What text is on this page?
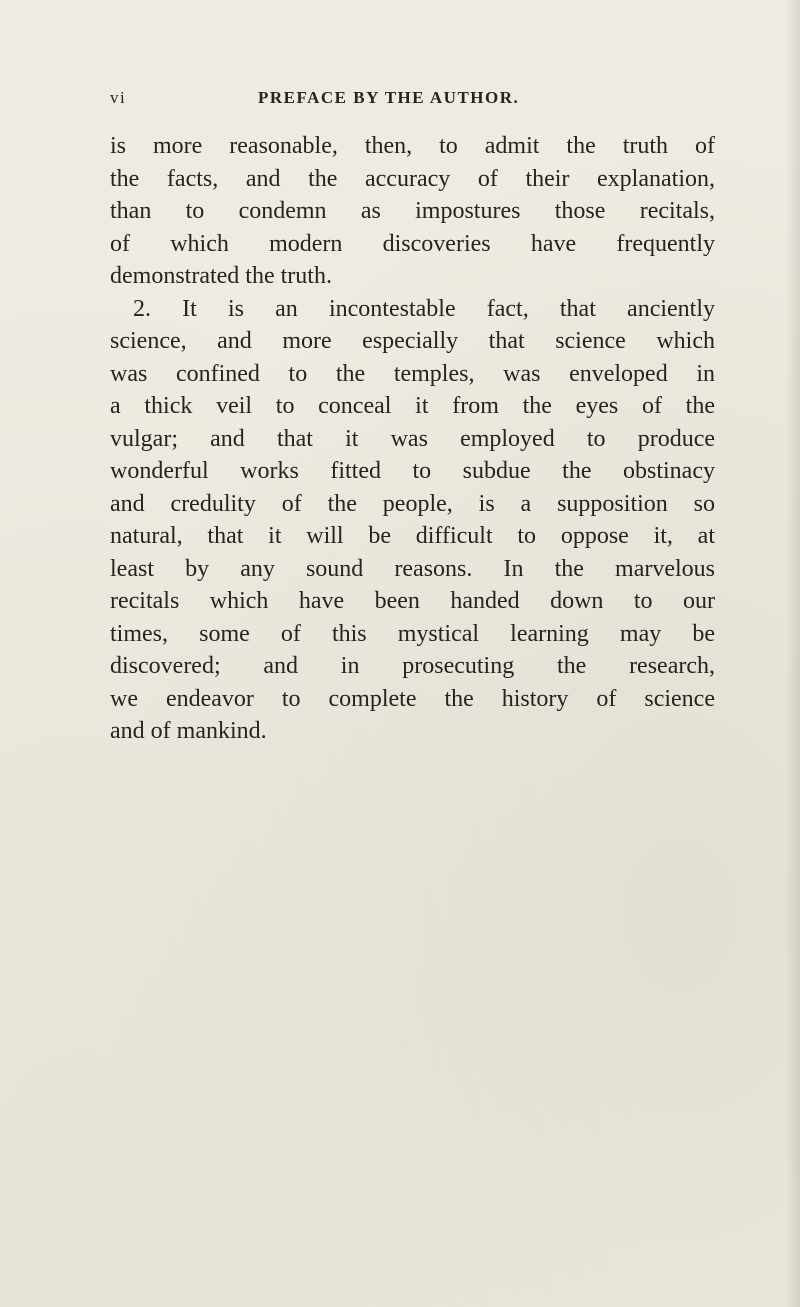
vi	PREFACE BY THE AUTHOR.
is more reasonable, then, to admit the truth of
the facts, and the accuracy of their explanation,
than to condemn as impostures those recitals,
of which modern discoveries have frequently
demonstrated the truth.
2. It is an incontestable fact, that anciently
science, and more especially that science which
was confined to the temples, was enveloped in
a thick veil to conceal it from the eyes of the
vulgar; and that it was employed to produce
wonderful works fitted to subdue the obstinacy
and credulity of the people, is a supposition so
natural, that it will be difficult to oppose it, at
least by any sound reasons. In the marvelous
recitals which have been handed down to our
times, some of this mystical learning may be
discovered; and in prosecuting the research,
we endeavor to complete the history of science
and of mankind.
